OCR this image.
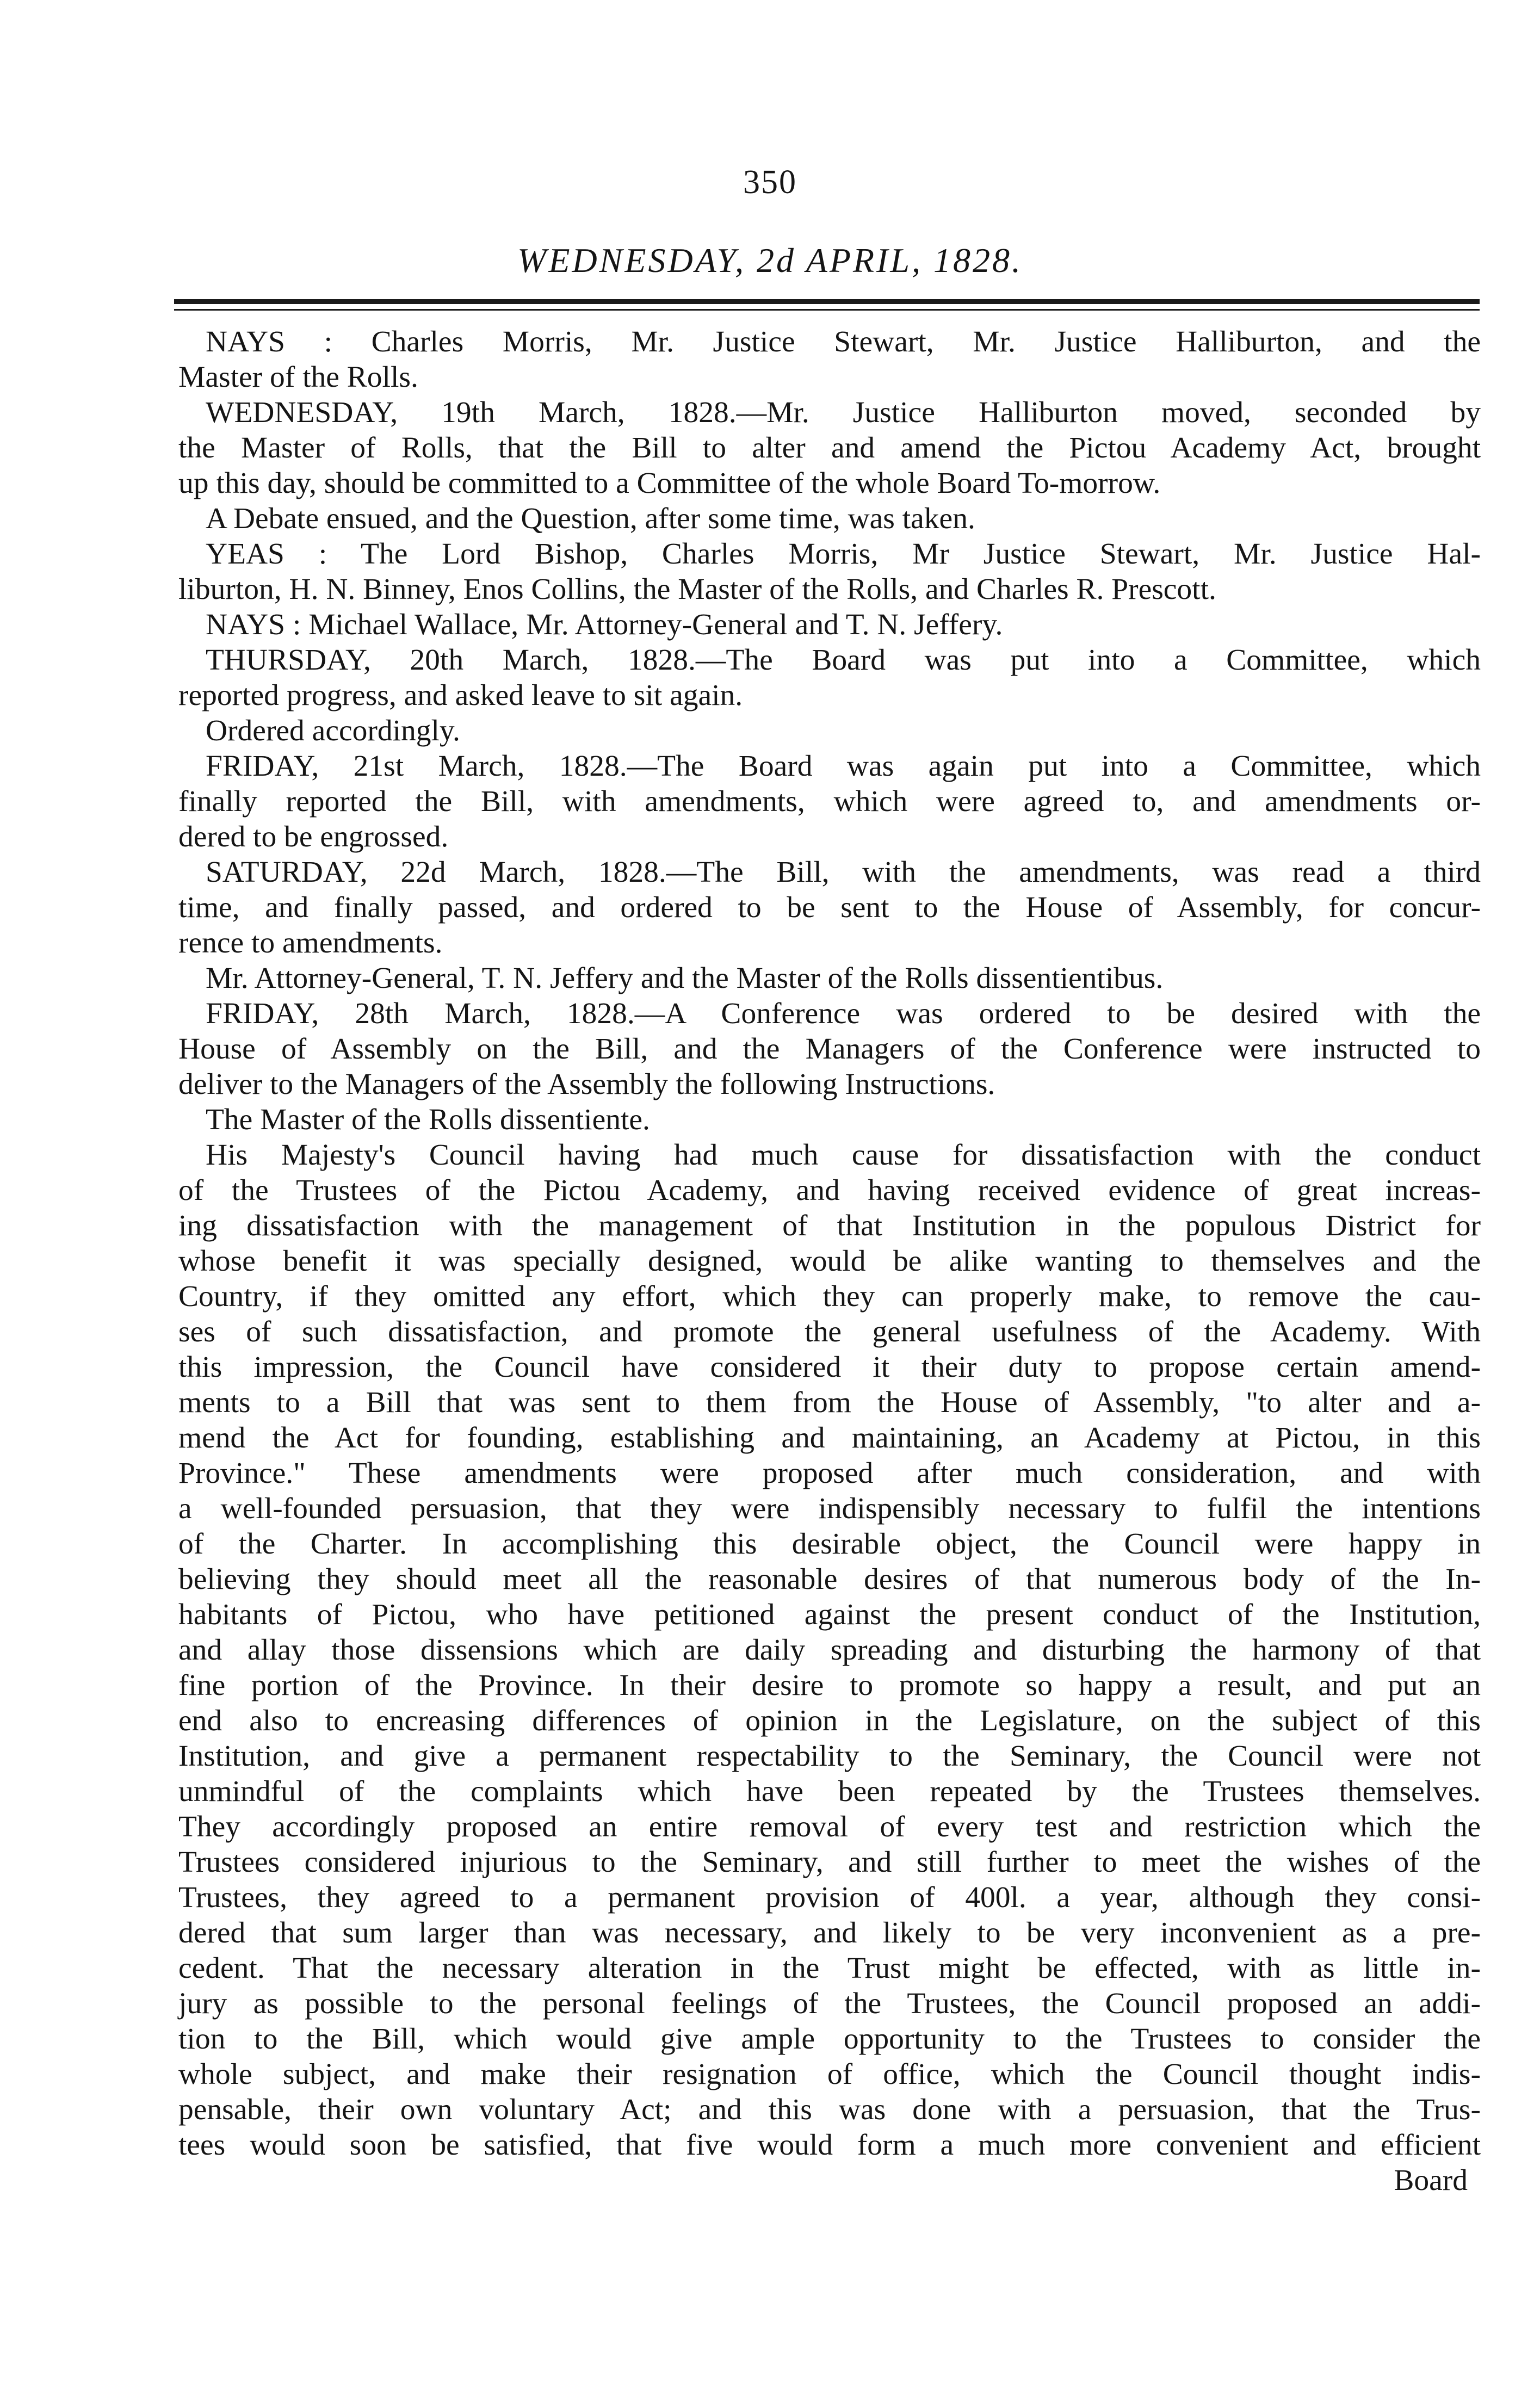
350
WEDNESDAY, 2d APRIL, 1828.
NAYS : Charles Morris, Mr. Justice Stewart, Mr. Justice Halliburton, and the
Master of the Rolls.
WEDNESDAY, 19th March, 1828.—Mr. Justice Halliburton moved, seconded by
the Master of Rolls, that the Bill to alter and amend the Pictou Academy Act, brought
up this day, should be committed to a Committee of the whole Board To-morrow.
A Debate ensued, and the Question, after some time, was taken.
YEAS : The Lord Bishop, Charles Morris, Mr Justice Stewart, Mr. Justice Hal-
liburton, H. N. Binney, Enos Collins, the Master of the Rolls, and Charles R. Prescott.
NAYS : Michael Wallace, Mr. Attorney-General and T. N. Jeffery.
THURSDAY, 20th March, 1828.—The Board was put into a Committee, which
reported progress, and asked leave to sit again.
Ordered accordingly.
FRIDAY, 21st March, 1828.—The Board was again put into a Committee, which
finally reported the Bill, with amendments, which were agreed to, and amendments or-
dered to be engrossed.
SATURDAY, 22d March, 1828.—The Bill, with the amendments, was read a third
time, and finally passed, and ordered to be sent to the House of Assembly, for concur-
rence to amendments.
Mr. Attorney-General, T. N. Jeffery and the Master of the Rolls dissentientibus.
FRIDAY, 28th March, 1828.—A Conference was ordered to be desired with the
House of Assembly on the Bill, and the Managers of the Conference were instructed to
deliver to the Managers of the Assembly the following Instructions.
The Master of the Rolls dissentiente.
His Majesty's Council having had much cause for dissatisfaction with the conduct
of the Trustees of the Pictou Academy, and having received evidence of great increas-
ing dissatisfaction with the management of that Institution in the populous District for
whose benefit it was specially designed, would be alike wanting to themselves and the
Country, if they omitted any effort, which they can properly make, to remove the cau-
ses of such dissatisfaction, and promote the general usefulness of the Academy. With
this impression, the Council have considered it their duty to propose certain amend-
ments to a Bill that was sent to them from the House of Assembly, "to alter and a-
mend the Act for founding, establishing and maintaining, an Academy at Pictou, in this
Province." These amendments were proposed after much consideration, and with
a well-founded persuasion, that they were indispensibly necessary to fulfil the intentions
of the Charter. In accomplishing this desirable object, the Council were happy in
believing they should meet all the reasonable desires of that numerous body of the In-
habitants of Pictou, who have petitioned against the present conduct of the Institution,
and allay those dissensions which are daily spreading and disturbing the harmony of that
fine portion of the Province. In their desire to promote so happy a result, and put an
end also to encreasing differences of opinion in the Legislature, on the subject of this
Institution, and give a permanent respectability to the Seminary, the Council were not
unmindful of the complaints which have been repeated by the Trustees themselves.
They accordingly proposed an entire removal of every test and restriction which the
Trustees considered injurious to the Seminary, and still further to meet the wishes of the
Trustees, they agreed to a permanent provision of 400l. a year, although they consi-
dered that sum larger than was necessary, and likely to be very inconvenient as a pre-
cedent. That the necessary alteration in the Trust might be effected, with as little in-
jury as possible to the personal feelings of the Trustees, the Council proposed an addi-
tion to the Bill, which would give ample opportunity to the Trustees to consider the
whole subject, and make their resignation of office, which the Council thought indis-
pensable, their own voluntary Act; and this was done with a persuasion, that the Trus-
tees would soon be satisfied, that five would form a much more convenient and efficient
Board
